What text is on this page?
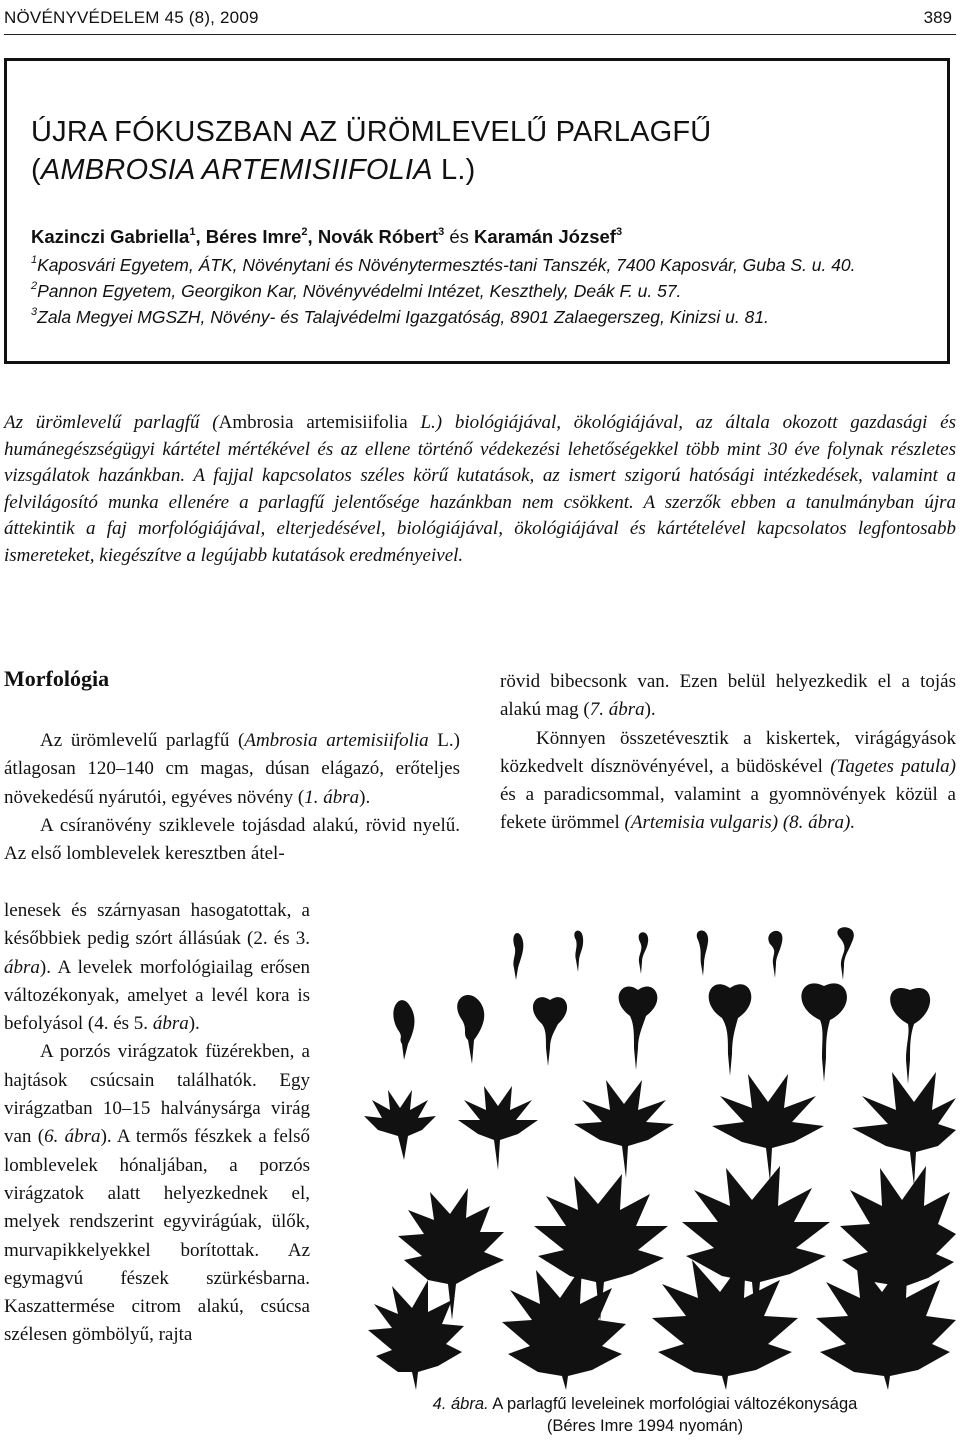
NÖVÉNYVÉDELEM 45 (8), 2009	389
ÚJRA FÓKUSZBAN AZ ÜRÖMLEVELŰ PARLAGFŰ
(AMBROSIA ARTEMISIIFOLIA L.)
Kazinczi Gabriella$^1$, Béres Imre$^2$, Novák Róbert$^3$ és Karamán József$^3$
$^1$Kaposvári Egyetem, ÁTK, Növénytani és Növénytermesztés-tani Tanszék, 7400 Kaposvár, Guba S. u. 40.
$^2$Pannon Egyetem, Georgikon Kar, Növényvédelmi Intézet, Keszthely, Deák F. u. 57.
$^3$Zala Megyei MGSZH, Növény- és Talajvédelmi Igazgatóság, 8901 Zalaegerszeg, Kinizsi u. 81.
Az ürömlevelű parlagfű (Ambrosia artemisiifolia L.) biológiájával, ökológiájával, az általa okozott gazdasági és humánegészségügyi kártétel mértékével és az ellene történő védekezési lehetőségekkel több mint 30 éve folynak részletes vizsgálatok hazánkban. A fajjal kapcsolatos széles körű kutatások, az ismert szigorú hatósági intézkedések, valamint a felvilágosító munka ellenére a parlagfű jelentősége hazánkban nem csökkent. A szerzők ebben a tanulmányban újra áttekintik a faj morfológiájával, elterjedésével, biológiájával, ökológiájával és kártételével kapcsolatos legfontosabb ismereteket, kiegészítve a legújabb kutatások eredményeivel.
Morfológia

Az ürömlevelű parlagfű (Ambrosia artemisiifolia L.) átlagosan 120–140 cm magas, dúsan elágazó, erőteljes növekedésű nyárutói, egyéves növény (1. ábra).

A csíranövény sziklevele tojásdad alakú, rövid nyelű. Az első lomblevelek keresztben átel-

lenesek és szárnyasan hasogatottak, a későbbiek pedig szórt állásúak (2. és 3. ábra). A levelek morfológiailag erősen változékonyak, amelyet a levél kora is befolyásol (4. és 5. ábra).

A porzós virágzatok füzérekben, a hajtások csúcsain találhatók. Egy virágzatban 10–15 halványsárga virág van (6. ábra). A termős fészkek a felső lomblevelek hónaljában, a porzós virágzatok alatt helyezkednek el, melyek rendszerint egyvirágúak, ülők, murvapikkelyekkel borítottak. Az egymagvú fészek szürkésbarna. Kaszattermése citrom alakú, csúcsa szélesen gömbölyű, rajta

rövid bibecsonk van. Ezen belül helyezkedik el a tojás alakú mag (7. ábra).

Könnyen összetévesztik a kiskertek, virágágyások közkedvelt dísznövényével, a büdöskével (Tagetes patula) és a paradicsommal, valamint a gyomnövények közül a fekete ürömmel (Artemisia vulgaris) (8. ábra).

4. ábra. A parlagfű leveleinek morfológiai változékonysága
(Béres Imre 1994 nyomán)
